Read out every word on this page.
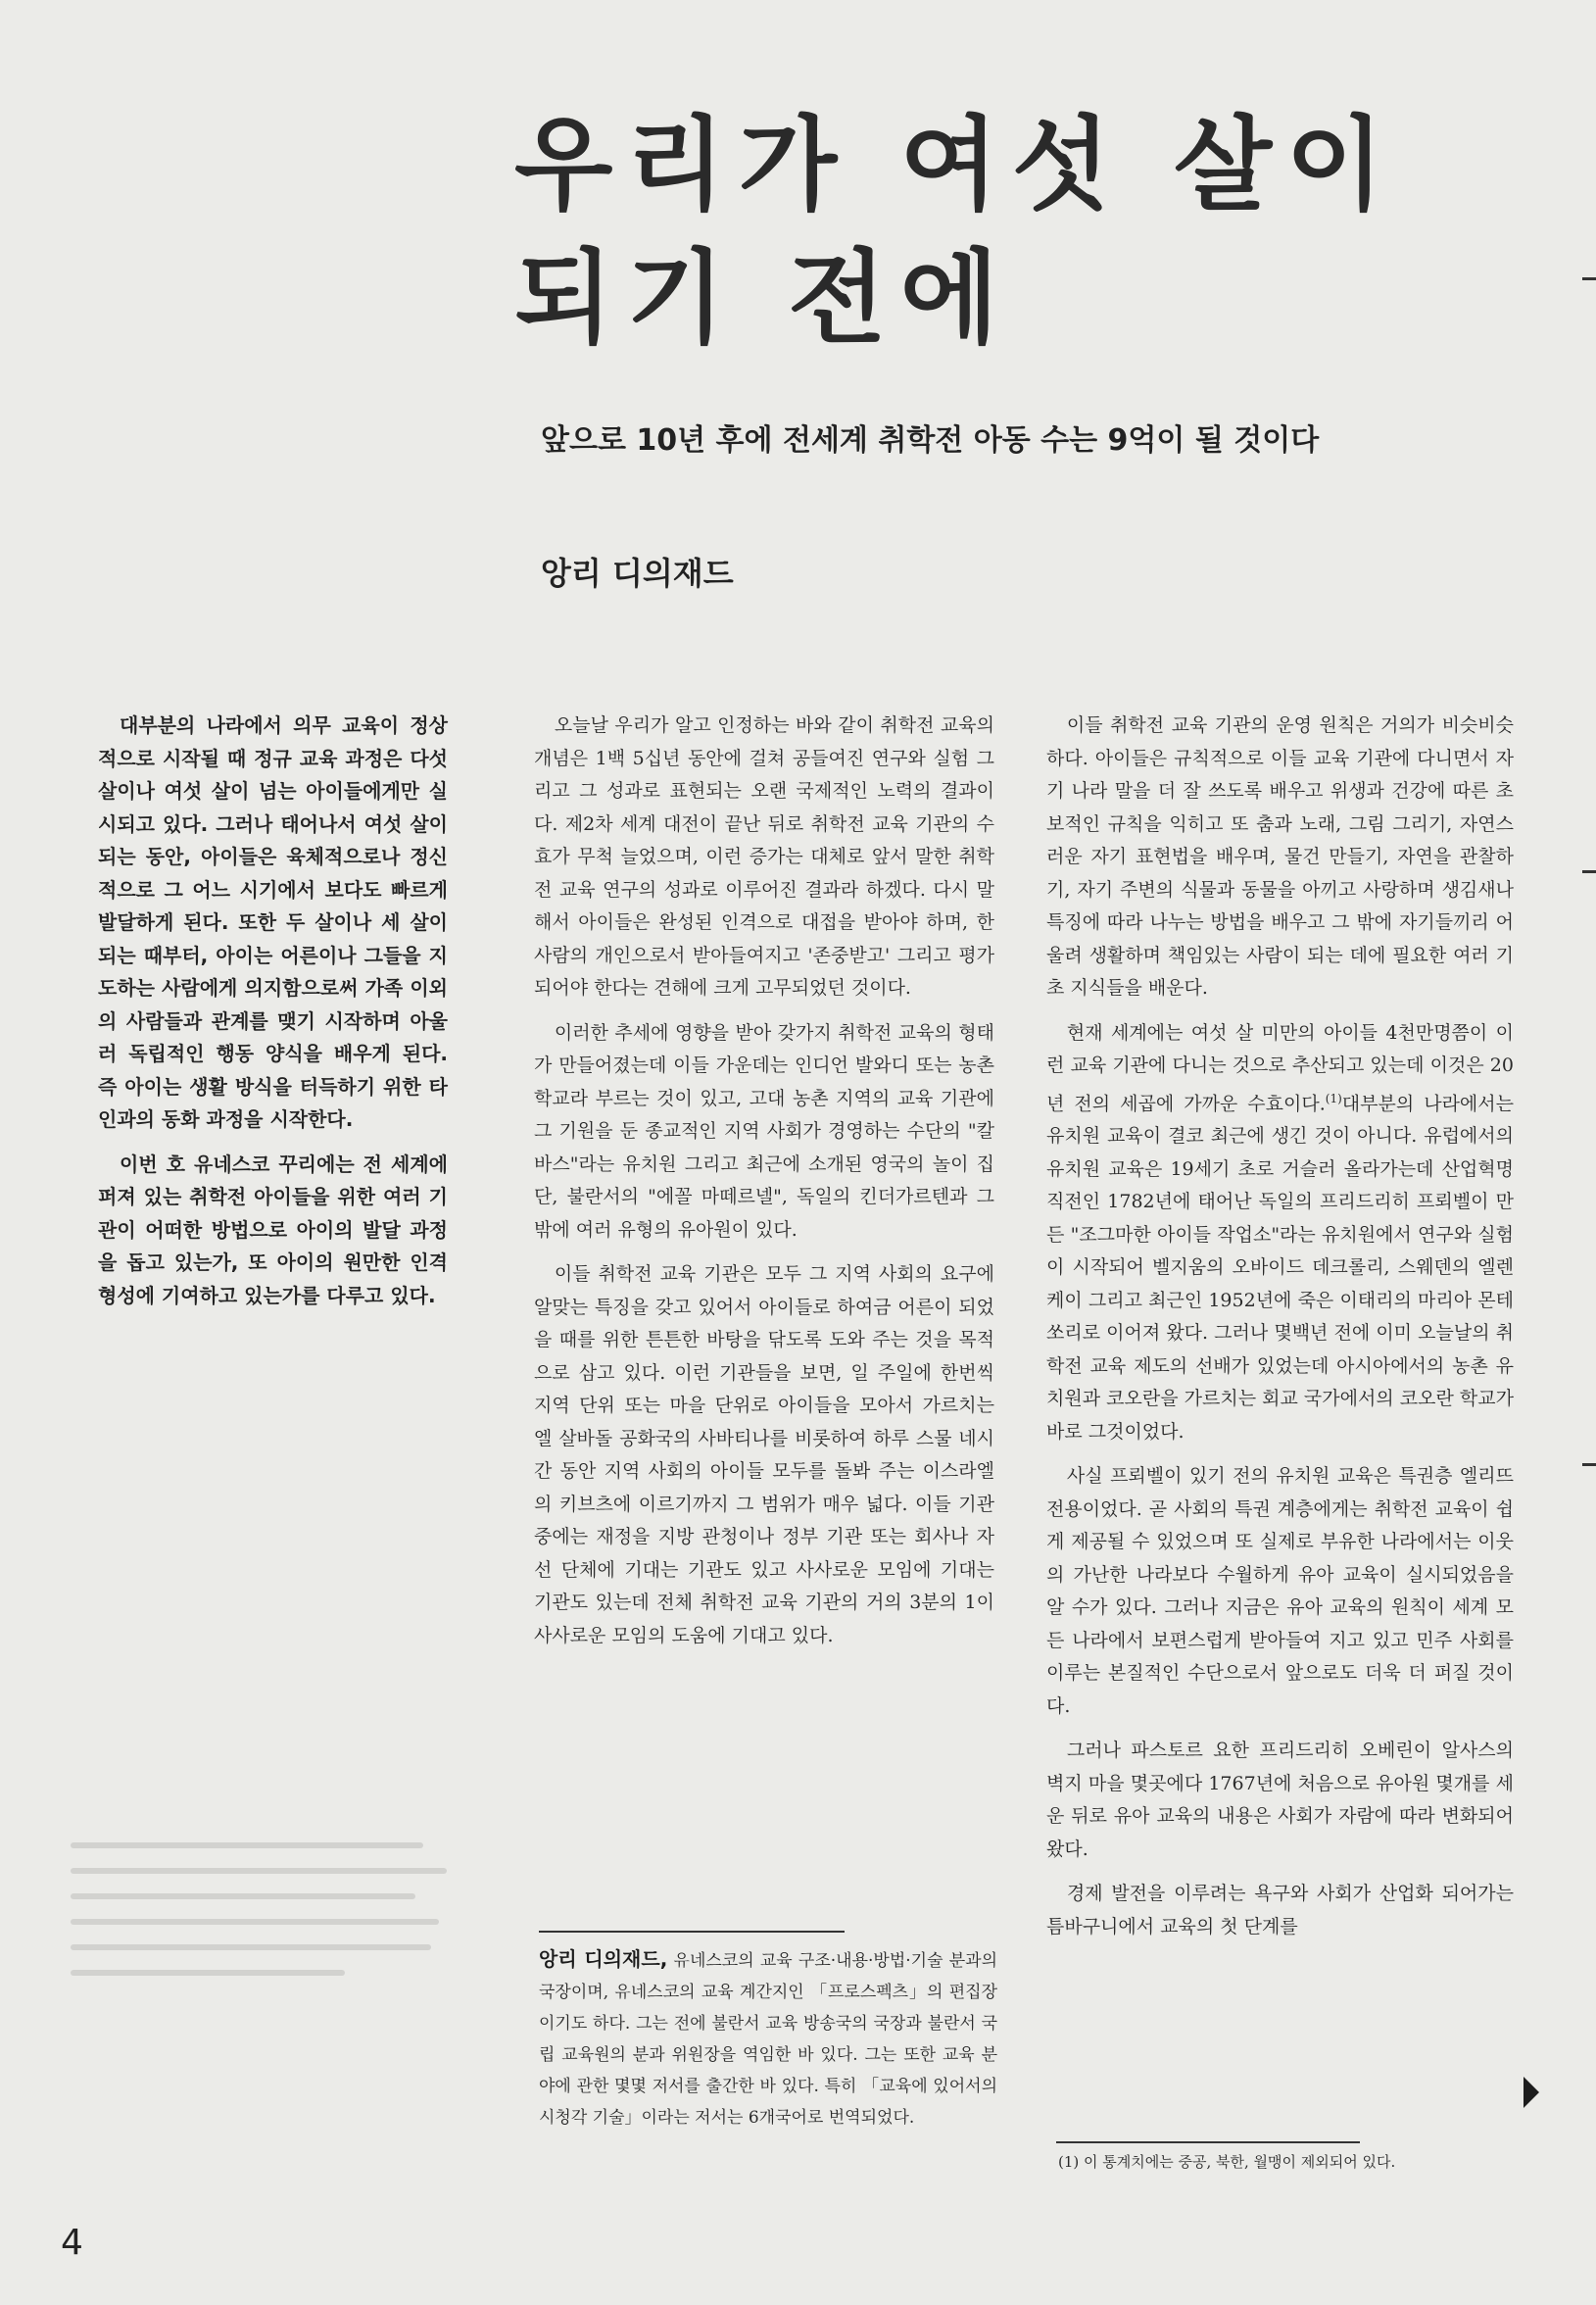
우리가 여섯 살이
되기 전에
앞으로 10년 후에 전세계 취학전 아동 수는 9억이 될 것이다
앙리 디의재드

대부분의 나라에서 의무 교육이 정상적으로 시작될 때 정규 교육 과정은 다섯 살이나 여섯 살이 넘는 아이들에게만 실시되고 있다. 그러나 태어나서 여섯 살이 되는 동안, 아이들은 육체적으로나 정신적으로 그 어느 시기에서 보다도 빠르게 발달하게 된다. 또한 두 살이나 세 살이 되는 때부터, 아이는 어른이나 그들을 지도하는 사람에게 의지함으로써 가족 이외의 사람들과 관계를 맺기 시작하며 아울러 독립적인 행동 양식을 배우게 된다. 즉 아이는 생활 방식을 터득하기 위한 타인과의 동화 과정을 시작한다.

이번 호 유네스코 꾸리에는 전 세계에 퍼져 있는 취학전 아이들을 위한 여러 기관이 어떠한 방법으로 아이의 발달 과정을 돕고 있는가, 또 아이의 원만한 인격 형성에 기여하고 있는가를 다루고 있다.

오늘날 우리가 알고 인정하는 바와 같이 취학전 교육의 개념은 1백 5십년 동안에 걸쳐 공들여진 연구와 실험 그리고 그 성과로 표현되는 오랜 국제적인 노력의 결과이다. 제2차 세계 대전이 끝난 뒤로 취학전 교육 기관의 수효가 무척 늘었으며, 이런 증가는 대체로 앞서 말한 취학전 교육 연구의 성과로 이루어진 결과라 하겠다. 다시 말해서 아이들은 완성된 인격으로 대접을 받아야 하며, 한 사람의 개인으로서 받아들여지고 '존중받고' 그리고 평가되어야 한다는 견해에 크게 고무되었던 것이다.

이러한 추세에 영향을 받아 갖가지 취학전 교육의 형태가 만들어졌는데 이들 가운데는 인디언 발와디 또는 농촌 학교라 부르는 것이 있고, 고대 농촌 지역의 교육 기관에 그 기원을 둔 종교적인 지역 사회가 경영하는 수단의 "칼바스"라는 유치원 그리고 최근에 소개된 영국의 놀이 집단, 불란서의 "에꼴 마떼르넬", 독일의 킨더가르텐과 그 밖에 여러 유형의 유아원이 있다.

이들 취학전 교육 기관은 모두 그 지역 사회의 요구에 알맞는 특징을 갖고 있어서 아이들로 하여금 어른이 되었을 때를 위한 튼튼한 바탕을 닦도록 도와 주는 것을 목적으로 삼고 있다. 이런 기관들을 보면, 일 주일에 한번씩 지역 단위 또는 마을 단위로 아이들을 모아서 가르치는 엘 살바돌 공화국의 사바티나를 비롯하여 하루 스물 네시간 동안 지역 사회의 아이들 모두를 돌봐 주는 이스라엘의 키브츠에 이르기까지 그 범위가 매우 넓다. 이들 기관 중에는 재정을 지방 관청이나 정부 기관 또는 회사나 자선 단체에 기대는 기관도 있고 사사로운 모임에 기대는 기관도 있는데 전체 취학전 교육 기관의 거의 3분의 1이 사사로운 모임의 도움에 기대고 있다.

앙리 디의재드, 유네스코의 교육 구조·내용·방법·기술 분과의 국장이며, 유네스코의 교육 계간지인 「프로스펙츠」의 편집장이기도 하다. 그는 전에 불란서 교육 방송국의 국장과 불란서 국립 교육원의 분과 위원장을 역임한 바 있다. 그는 또한 교육 분야에 관한 몇몇 저서를 출간한 바 있다. 특히 「교육에 있어서의 시청각 기술」이라는 저서는 6개국어로 번역되었다.

이들 취학전 교육 기관의 운영 원칙은 거의가 비슷비슷하다. 아이들은 규칙적으로 이들 교육 기관에 다니면서 자기 나라 말을 더 잘 쓰도록 배우고 위생과 건강에 따른 초보적인 규칙을 익히고 또 춤과 노래, 그림 그리기, 자연스러운 자기 표현법을 배우며, 물건 만들기, 자연을 관찰하기, 자기 주변의 식물과 동물을 아끼고 사랑하며 생김새나 특징에 따라 나누는 방법을 배우고 그 밖에 자기들끼리 어울려 생활하며 책임있는 사람이 되는 데에 필요한 여러 기초 지식들을 배운다.

현재 세계에는 여섯 살 미만의 아이들 4천만명쯤이 이런 교육 기관에 다니는 것으로 추산되고 있는데 이것은 20년 전의 세곱에 가까운 수효이다.$^{(1)}$대부분의 나라에서는 유치원 교육이 결코 최근에 생긴 것이 아니다. 유럽에서의 유치원 교육은 19세기 초로 거슬러 올라가는데 산업혁명 직전인 1782년에 태어난 독일의 프리드리히 프뢰벨이 만든 "조그마한 아이들 작업소"라는 유치원에서 연구와 실험이 시작되어 벨지움의 오바이드 데크롤리, 스웨덴의 엘렌 케이 그리고 최근인 1952년에 죽은 이태리의 마리아 몬테쏘리로 이어져 왔다. 그러나 몇백년 전에 이미 오늘날의 취학전 교육 제도의 선배가 있었는데 아시아에서의 농촌 유치원과 코오란을 가르치는 회교 국가에서의 코오란 학교가 바로 그것이었다.

사실 프뢰벨이 있기 전의 유치원 교육은 특권층 엘리뜨 전용이었다. 곧 사회의 특권 계층에게는 취학전 교육이 쉽게 제공될 수 있었으며 또 실제로 부유한 나라에서는 이웃의 가난한 나라보다 수월하게 유아 교육이 실시되었음을 알 수가 있다. 그러나 지금은 유아 교육의 원칙이 세계 모든 나라에서 보편스럽게 받아들여 지고 있고 민주 사회를 이루는 본질적인 수단으로서 앞으로도 더욱 더 퍼질 것이다.

그러나 파스토르 요한 프리드리히 오베린이 알사스의 벽지 마을 몇곳에다 1767년에 처음으로 유아원 몇개를 세운 뒤로 유아 교육의 내용은 사회가 자람에 따라 변화되어 왔다.

경제 발전을 이루려는 욕구와 사회가 산업화 되어가는 틈바구니에서 교육의 첫 단계를

(1) 이 통계치에는 중공, 북한, 월맹이 제외되어 있다.
4
